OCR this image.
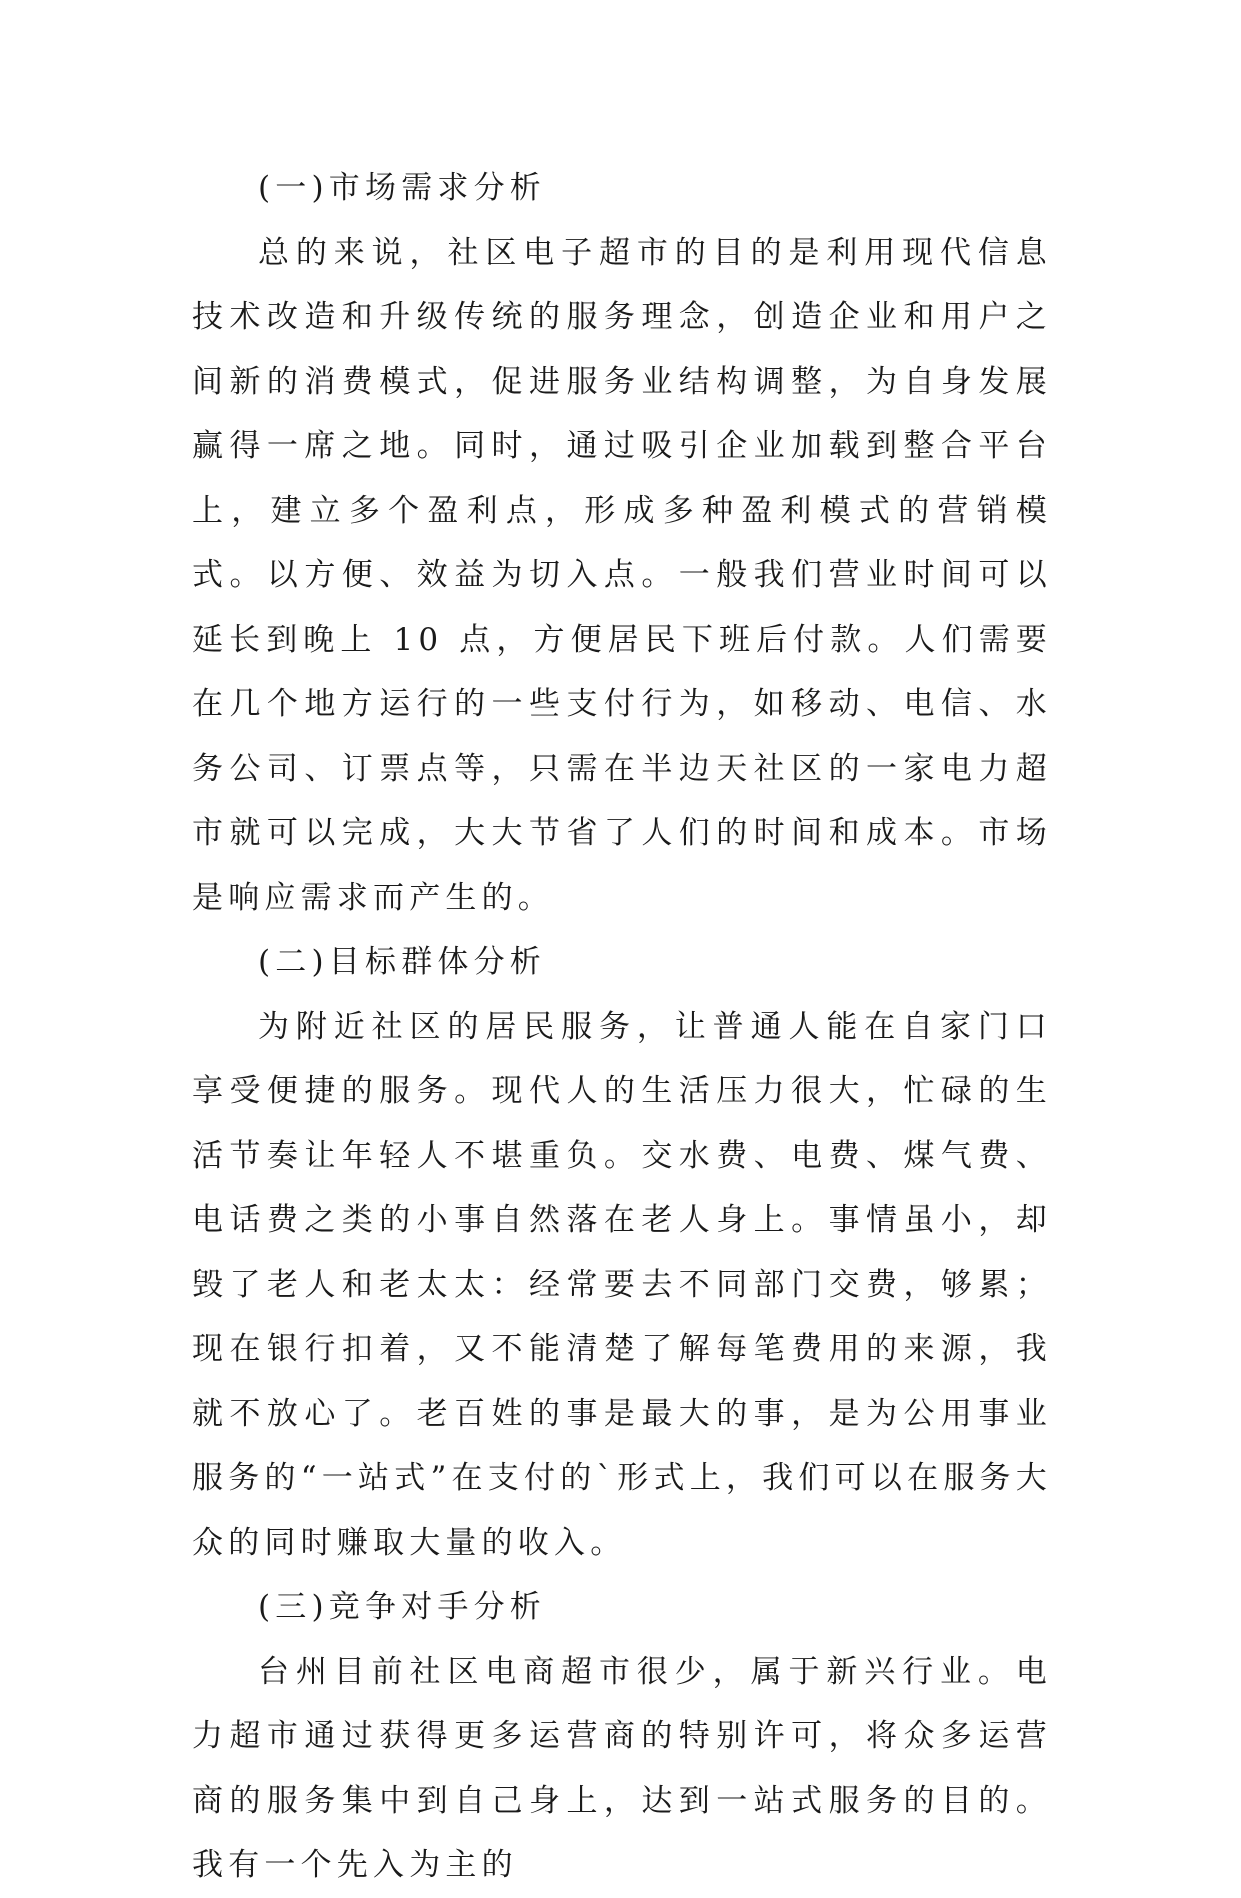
(一)市场需求分析

总的来说，社区电子超市的目的是利用现代信息技术改造和升级传统的服务理念，创造企业和用户之间新的消费模式，促进服务业结构调整，为自身发展赢得一席之地。同时，通过吸引企业加载到整合平台上，建立多个盈利点，形成多种盈利模式的营销模式。以方便、效益为切入点。一般我们营业时间可以延长到晚上 10 点，方便居民下班后付款。人们需要在几个地方运行的一些支付行为，如移动、电信、水务公司、订票点等，只需在半边天社区的一家电力超市就可以完成，大大节省了人们的时间和成本。市场是响应需求而产生的。

(二)目标群体分析

为附近社区的居民服务，让普通人能在自家门口享受便捷的服务。现代人的生活压力很大，忙碌的生活节奏让年轻人不堪重负。交水费、电费、煤气费、电话费之类的小事自然落在老人身上。事情虽小，却毁了老人和老太太：经常要去不同部门交费，够累；现在银行扣着，又不能清楚了解每笔费用的来源，我就不放心了。老百姓的事是最大的事，是为公用事业服务的“一站式”在支付的`形式上，我们可以在服务大众的同时赚取大量的收入。

(三)竞争对手分析

台州目前社区电商超市很少，属于新兴行业。电力超市通过获得更多运营商的特别许可，将众多运营商的服务集中到自己身上，达到一站式服务的目的。我有一个先入为主的
